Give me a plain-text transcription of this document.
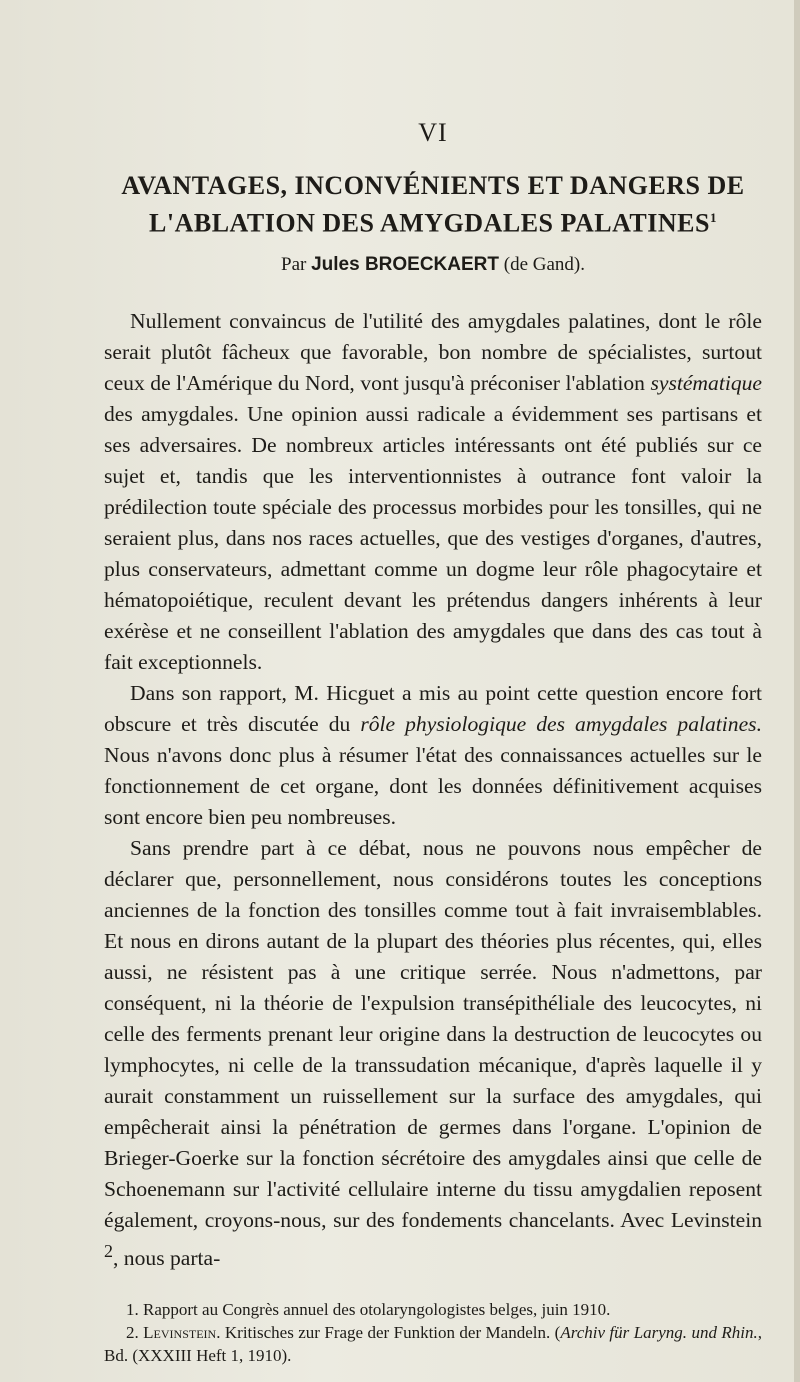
VI
AVANTAGES, INCONVÉNIENTS ET DANGERS DE L'ABLATION DES AMYGDALES PALATINES$^1$
Par Jules BROECKAERT (de Gand).

Nullement convaincus de l'utilité des amygdales palatines, dont le rôle serait plutôt fâcheux que favorable, bon nombre de spécialistes, surtout ceux de l'Amérique du Nord, vont jusqu'à préconiser l'ablation systématique des amygdales. Une opinion aussi radicale a évidemment ses partisans et ses adversaires. De nombreux articles intéressants ont été publiés sur ce sujet et, tandis que les interventionnistes à outrance font valoir la prédilection toute spéciale des processus morbides pour les tonsilles, qui ne seraient plus, dans nos races actuelles, que des vestiges d'organes, d'autres, plus conservateurs, admettant comme un dogme leur rôle phagocytaire et hématopoiétique, reculent devant les prétendus dangers inhérents à leur exérèse et ne conseillent l'ablation des amygdales que dans des cas tout à fait exceptionnels.

Dans son rapport, M. Hicguet a mis au point cette question encore fort obscure et très discutée du rôle physiologique des amygdales palatines. Nous n'avons donc plus à résumer l'état des connaissances actuelles sur le fonctionnement de cet organe, dont les données définitivement acquises sont encore bien peu nombreuses.

Sans prendre part à ce débat, nous ne pouvons nous empêcher de déclarer que, personnellement, nous considérons toutes les conceptions anciennes de la fonction des tonsilles comme tout à fait invraisemblables. Et nous en dirons autant de la plupart des théories plus récentes, qui, elles aussi, ne résistent pas à une critique serrée. Nous n'admettons, par conséquent, ni la théorie de l'expulsion transépithéliale des leucocytes, ni celle des ferments prenant leur origine dans la destruction de leucocytes ou lymphocytes, ni celle de la transsudation mécanique, d'après laquelle il y aurait constamment un ruissellement sur la surface des amygdales, qui empêcherait ainsi la pénétration de germes dans l'organe. L'opinion de Brieger-Goerke sur la fonction sécrétoire des amygdales ainsi que celle de Schoenemann sur l'activité cellulaire interne du tissu amygdalien reposent également, croyons-nous, sur des fondements chancelants. Avec Levinstein $^2$, nous parta-

1. Rapport au Congrès annuel des otolaryngologistes belges, juin 1910.

2. Levinstein. Kritisches zur Frage der Funktion der Mandeln. (Archiv für Laryng. und Rhin., Bd. (XXXIII Heft 1, 1910).
